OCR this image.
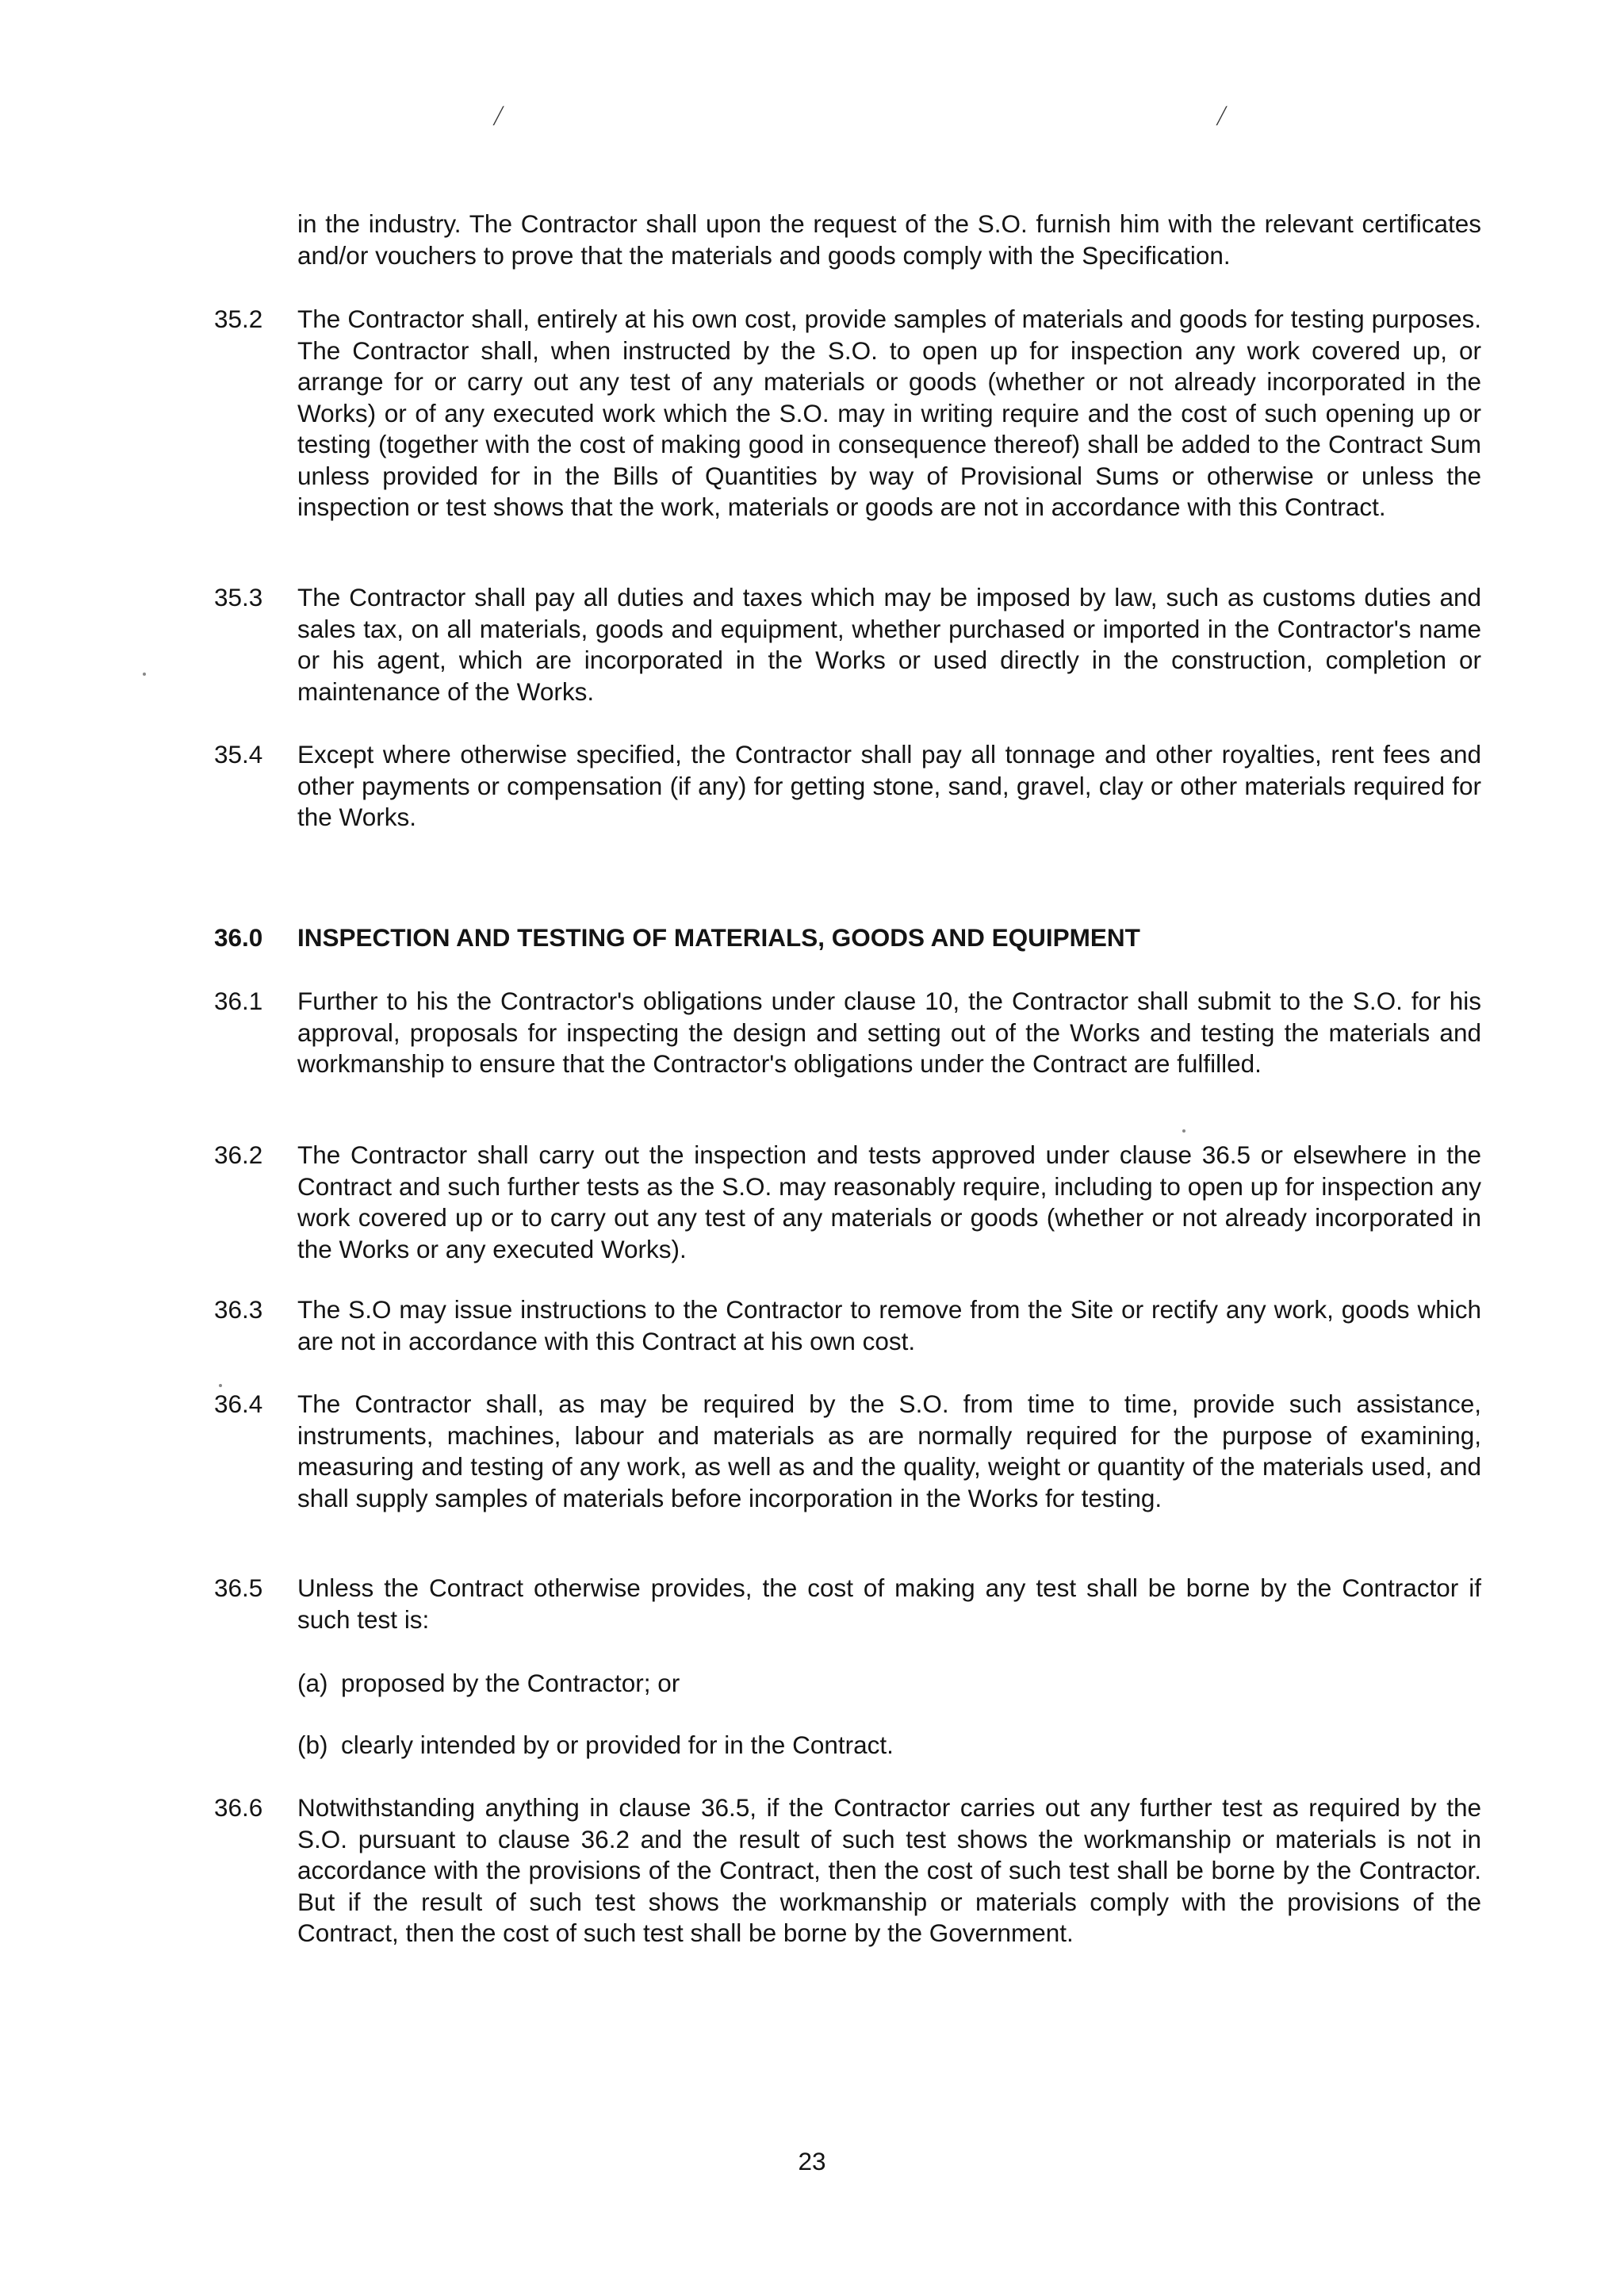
⁄	⁄

in the industry. The Contractor shall upon the request of the S.O. furnish him with the relevant certificates and/or vouchers to prove that the materials and goods comply with the Specification.

35.2 The Contractor shall, entirely at his own cost, provide samples of materials and goods for testing purposes. The Contractor shall, when instructed by the S.O. to open up for inspection any work covered up, or arrange for or carry out any test of any materials or goods (whether or not already incorporated in the Works) or of any executed work which the S.O. may in writing require and the cost of such opening up or testing (together with the cost of making good in consequence thereof) shall be added to the Contract Sum unless provided for in the Bills of Quantities by way of Provisional Sums or otherwise or unless the inspection or test shows that the work, materials or goods are not in accordance with this Contract.

35.3 The Contractor shall pay all duties and taxes which may be imposed by law, such as customs duties and sales tax, on all materials, goods and equipment, whether purchased or imported in the Contractor's name or his agent, which are incorporated in the Works or used directly in the construction, completion or maintenance of the Works.

35.4 Except where otherwise specified, the Contractor shall pay all tonnage and other royalties, rent fees and other payments or compensation (if any) for getting stone, sand, gravel, clay or other materials required for the Works.

36.0 INSPECTION AND TESTING OF MATERIALS, GOODS AND EQUIPMENT
36.1 Further to his the Contractor's obligations under clause 10, the Contractor shall submit to the S.O. for his approval, proposals for inspecting the design and setting out of the Works and testing the materials and workmanship to ensure that the Contractor's obligations under the Contract are fulfilled.

36.2 The Contractor shall carry out the inspection and tests approved under clause 36.5 or elsewhere in the Contract and such further tests as the S.O. may reasonably require, including to open up for inspection any work covered up or to carry out any test of any materials or goods (whether or not already incorporated in the Works or any executed Works).

36.3 The S.O may issue instructions to the Contractor to remove from the Site or rectify any work, goods which are not in accordance with this Contract at his own cost.

36.4 The Contractor shall, as may be required by the S.O. from time to time, provide such assistance, instruments, machines, labour and materials as are normally required for the purpose of examining, measuring and testing of any work, as well as and the quality, weight or quantity of the materials used, and shall supply samples of materials before incorporation in the Works for testing.

36.5 Unless the Contract otherwise provides, the cost of making any test shall be borne by the Contractor if such test is:

(a) proposed by the Contractor; or
(b) clearly intended by or provided for in the Contract.
36.6 Notwithstanding anything in clause 36.5, if the Contractor carries out any further test as required by the S.O. pursuant to clause 36.2 and the result of such test shows the workmanship or materials is not in accordance with the provisions of the Contract, then the cost of such test shall be borne by the Contractor. But if the result of such test shows the workmanship or materials comply with the provisions of the Contract, then the cost of such test shall be borne by the Government.

23
